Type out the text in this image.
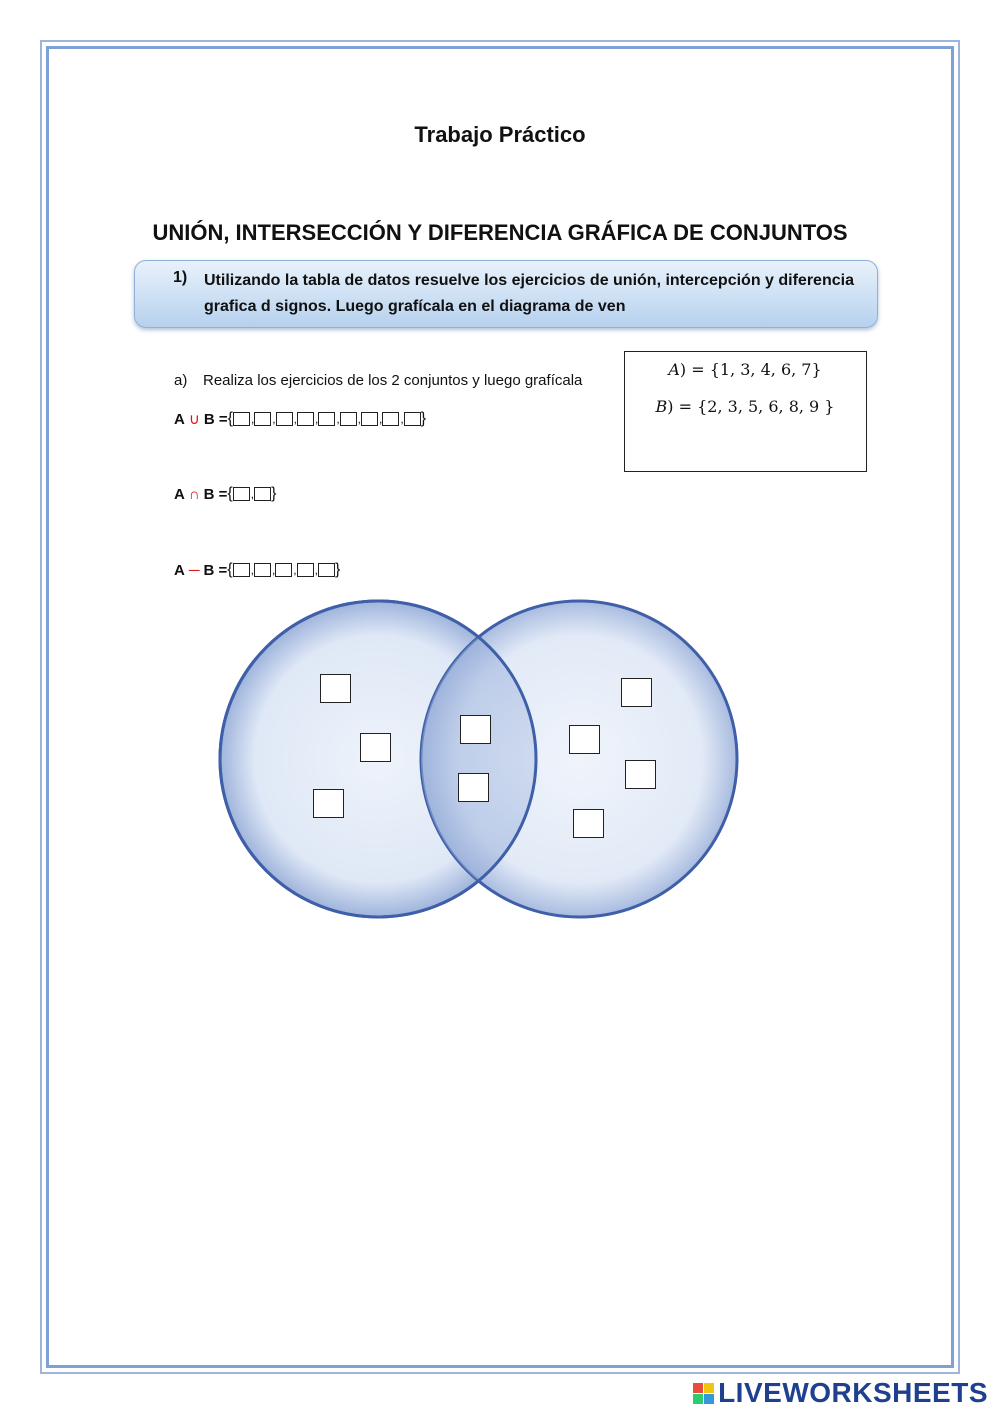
Trabajo Práctico
UNIÓN, INTERSECCIÓN Y DIFERENCIA GRÁFICA DE CONJUNTOS
1) Utilizando la tabla de datos resuelve los ejercicios de unión, intercepción y diferencia grafica d signos. Luego grafícala en el diagrama de ven
a) Realiza los ejercicios de los 2 conjuntos y luego grafícala
A) = {1, 3, 4, 6, 7}
B) = {2, 3, 5, 6, 8, 9 }
A ∪ B = { , , , , , , , , }
A ∩ B = { , }
A ─ B = { , , , , }
LIVEWORKSHEETS
